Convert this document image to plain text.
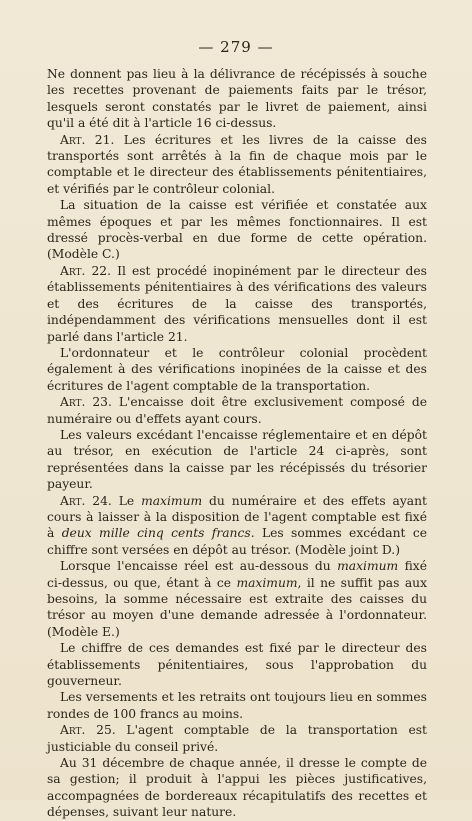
— 279 —

Ne donnent pas lieu à la délivrance de récépissés à souche les recettes provenant de paiements faits par le trésor, lesquels seront constatés par le livret de paiement, ainsi qu'il a été dit à l'article 16 ci-dessus.

Art. 21. Les écritures et les livres de la caisse des transportés sont arrêtés à la fin de chaque mois par le comptable et le directeur des établissements pénitentiaires, et vérifiés par le contrôleur colonial.

La situation de la caisse est vérifiée et constatée aux mêmes époques et par les mêmes fonctionnaires. Il est dressé procès-verbal en due forme de cette opération. (Modèle C.)

Art. 22. Il est procédé inopinément par le directeur des établissements pénitentiaires à des vérifications des valeurs et des écritures de la caisse des transportés, indépendamment des vérifications mensuelles dont il est parlé dans l'article 21.

L'ordonnateur et le contrôleur colonial procèdent également à des vérifications inopinées de la caisse et des écritures de l'agent comptable de la transportation.

Art. 23. L'encaisse doit être exclusivement composé de numéraire ou d'effets ayant cours.

Les valeurs excédant l'encaisse réglementaire et en dépôt au trésor, en exécution de l'article 24 ci-après, sont représentées dans la caisse par les récépissés du trésorier payeur.

Art. 24. Le maximum du numéraire et des effets ayant cours à laisser à la disposition de l'agent comptable est fixé à deux mille cinq cents francs. Les sommes excédant ce chiffre sont versées en dépôt au trésor. (Modèle joint D.)

Lorsque l'encaisse réel est au-dessous du maximum fixé ci-dessus, ou que, étant à ce maximum, il ne suffit pas aux besoins, la somme nécessaire est extraite des caisses du trésor au moyen d'une demande adressée à l'ordonnateur. (Modèle E.)

Le chiffre de ces demandes est fixé par le directeur des établissements pénitentiaires, sous l'approbation du gouverneur.

Les versements et les retraits ont toujours lieu en sommes rondes de 100 francs au moins.

Art. 25. L'agent comptable de la transportation est justiciable du conseil privé.

Au 31 décembre de chaque année, il dresse le compte de sa gestion; il produit à l'appui les pièces justificatives, accompagnées de bordereaux récapitulatifs des recettes et dépenses, suivant leur nature.
